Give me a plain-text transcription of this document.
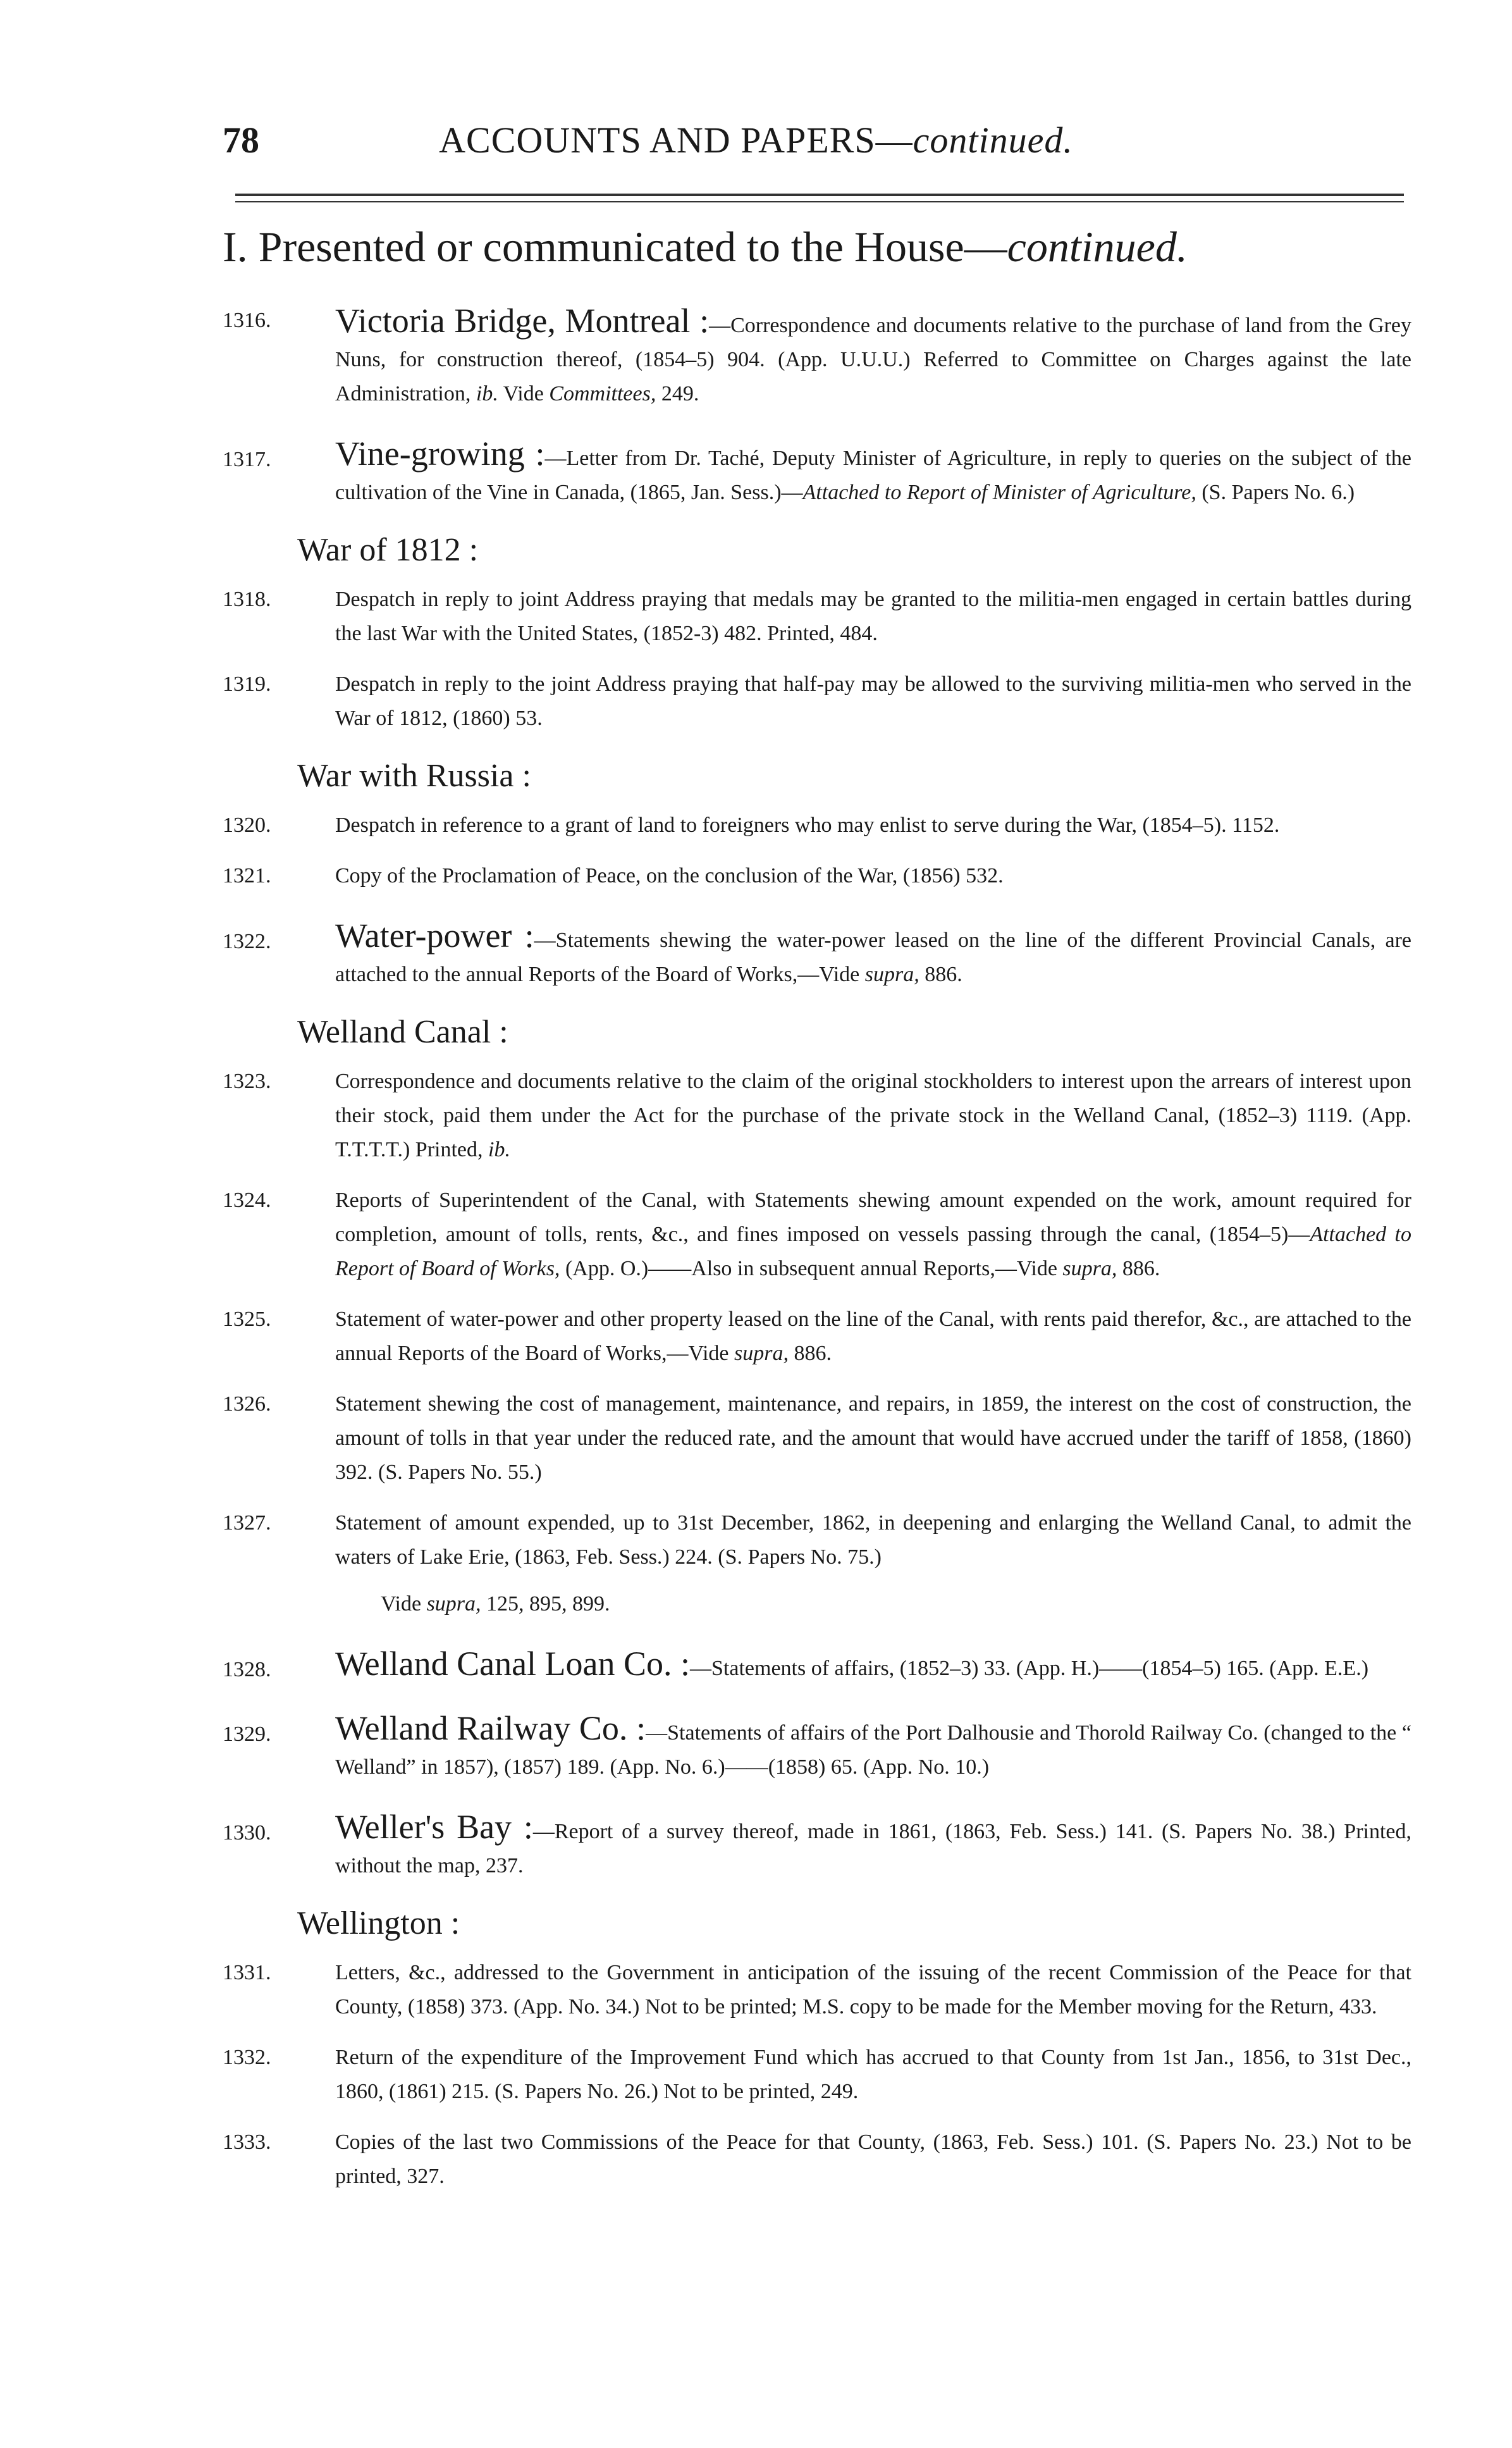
78	ACCOUNTS AND PAPERS—continued.
I. Presented or communicated to the House—continued.
1316.	Victoria Bridge, Montreal :—Correspondence and documents relative to the purchase of land from the Grey Nuns, for construction thereof, (1854–5) 904. (App. U.U.U.) Referred to Committee on Charges against the late Administration, ib. Vide Committees, 249.
1317.	Vine-growing :—Letter from Dr. Taché, Deputy Minister of Agriculture, in reply to queries on the subject of the cultivation of the Vine in Canada, (1865, Jan. Sess.)—Attached to Report of Minister of Agriculture, (S. Papers No. 6.)
War of 1812 :
1318.	Despatch in reply to joint Address praying that medals may be granted to the militia-men engaged in certain battles during the last War with the United States, (1852-3) 482. Printed, 484.
1319.	Despatch in reply to the joint Address praying that half-pay may be allowed to the surviving militia-men who served in the War of 1812, (1860) 53.
War with Russia :
1320.	Despatch in reference to a grant of land to foreigners who may enlist to serve during the War, (1854–5). 1152.
1321.	Copy of the Proclamation of Peace, on the conclusion of the War, (1856) 532.
1322.	Water-power :—Statements shewing the water-power leased on the line of the different Provincial Canals, are attached to the annual Reports of the Board of Works,—Vide supra, 886.
Welland Canal :
1323.	Correspondence and documents relative to the claim of the original stockholders to interest upon the arrears of interest upon their stock, paid them under the Act for the purchase of the private stock in the Welland Canal, (1852–3) 1119. (App. T.T.T.T.) Printed, ib.
1324.	Reports of Superintendent of the Canal, with Statements shewing amount expended on the work, amount required for completion, amount of tolls, rents, &c., and fines imposed on vessels passing through the canal, (1854–5)—Attached to Report of Board of Works, (App. O.)——Also in subsequent annual Reports,—Vide supra, 886.
1325.	Statement of water-power and other property leased on the line of the Canal, with rents paid therefor, &c., are attached to the annual Reports of the Board of Works,—Vide supra, 886.
1326.	Statement shewing the cost of management, maintenance, and repairs, in 1859, the interest on the cost of construction, the amount of tolls in that year under the reduced rate, and the amount that would have accrued under the tariff of 1858, (1860) 392. (S. Papers No. 55.)
1327.	Statement of amount expended, up to 31st December, 1862, in deepening and enlarging the Welland Canal, to admit the waters of Lake Erie, (1863, Feb. Sess.) 224. (S. Papers No. 75.)
Vide supra, 125, 895, 899.
1328.	Welland Canal Loan Co. :—Statements of affairs, (1852–3) 33. (App. H.)——(1854–5) 165. (App. E.E.)
1329.	Welland Railway Co. :—Statements of affairs of the Port Dalhousie and Thorold Railway Co. (changed to the “ Welland” in 1857), (1857) 189. (App. No. 6.)——(1858) 65. (App. No. 10.)
1330.	Weller's Bay :—Report of a survey thereof, made in 1861, (1863, Feb. Sess.) 141. (S. Papers No. 38.) Printed, without the map, 237.
Wellington :
1331.	Letters, &c., addressed to the Government in anticipation of the issuing of the recent Commission of the Peace for that County, (1858) 373. (App. No. 34.) Not to be printed; M.S. copy to be made for the Member moving for the Return, 433.
1332.	Return of the expenditure of the Improvement Fund which has accrued to that County from 1st Jan., 1856, to 31st Dec., 1860, (1861) 215. (S. Papers No. 26.) Not to be printed, 249.
1333.	Copies of the last two Commissions of the Peace for that County, (1863, Feb. Sess.) 101. (S. Papers No. 23.) Not to be printed, 327.
